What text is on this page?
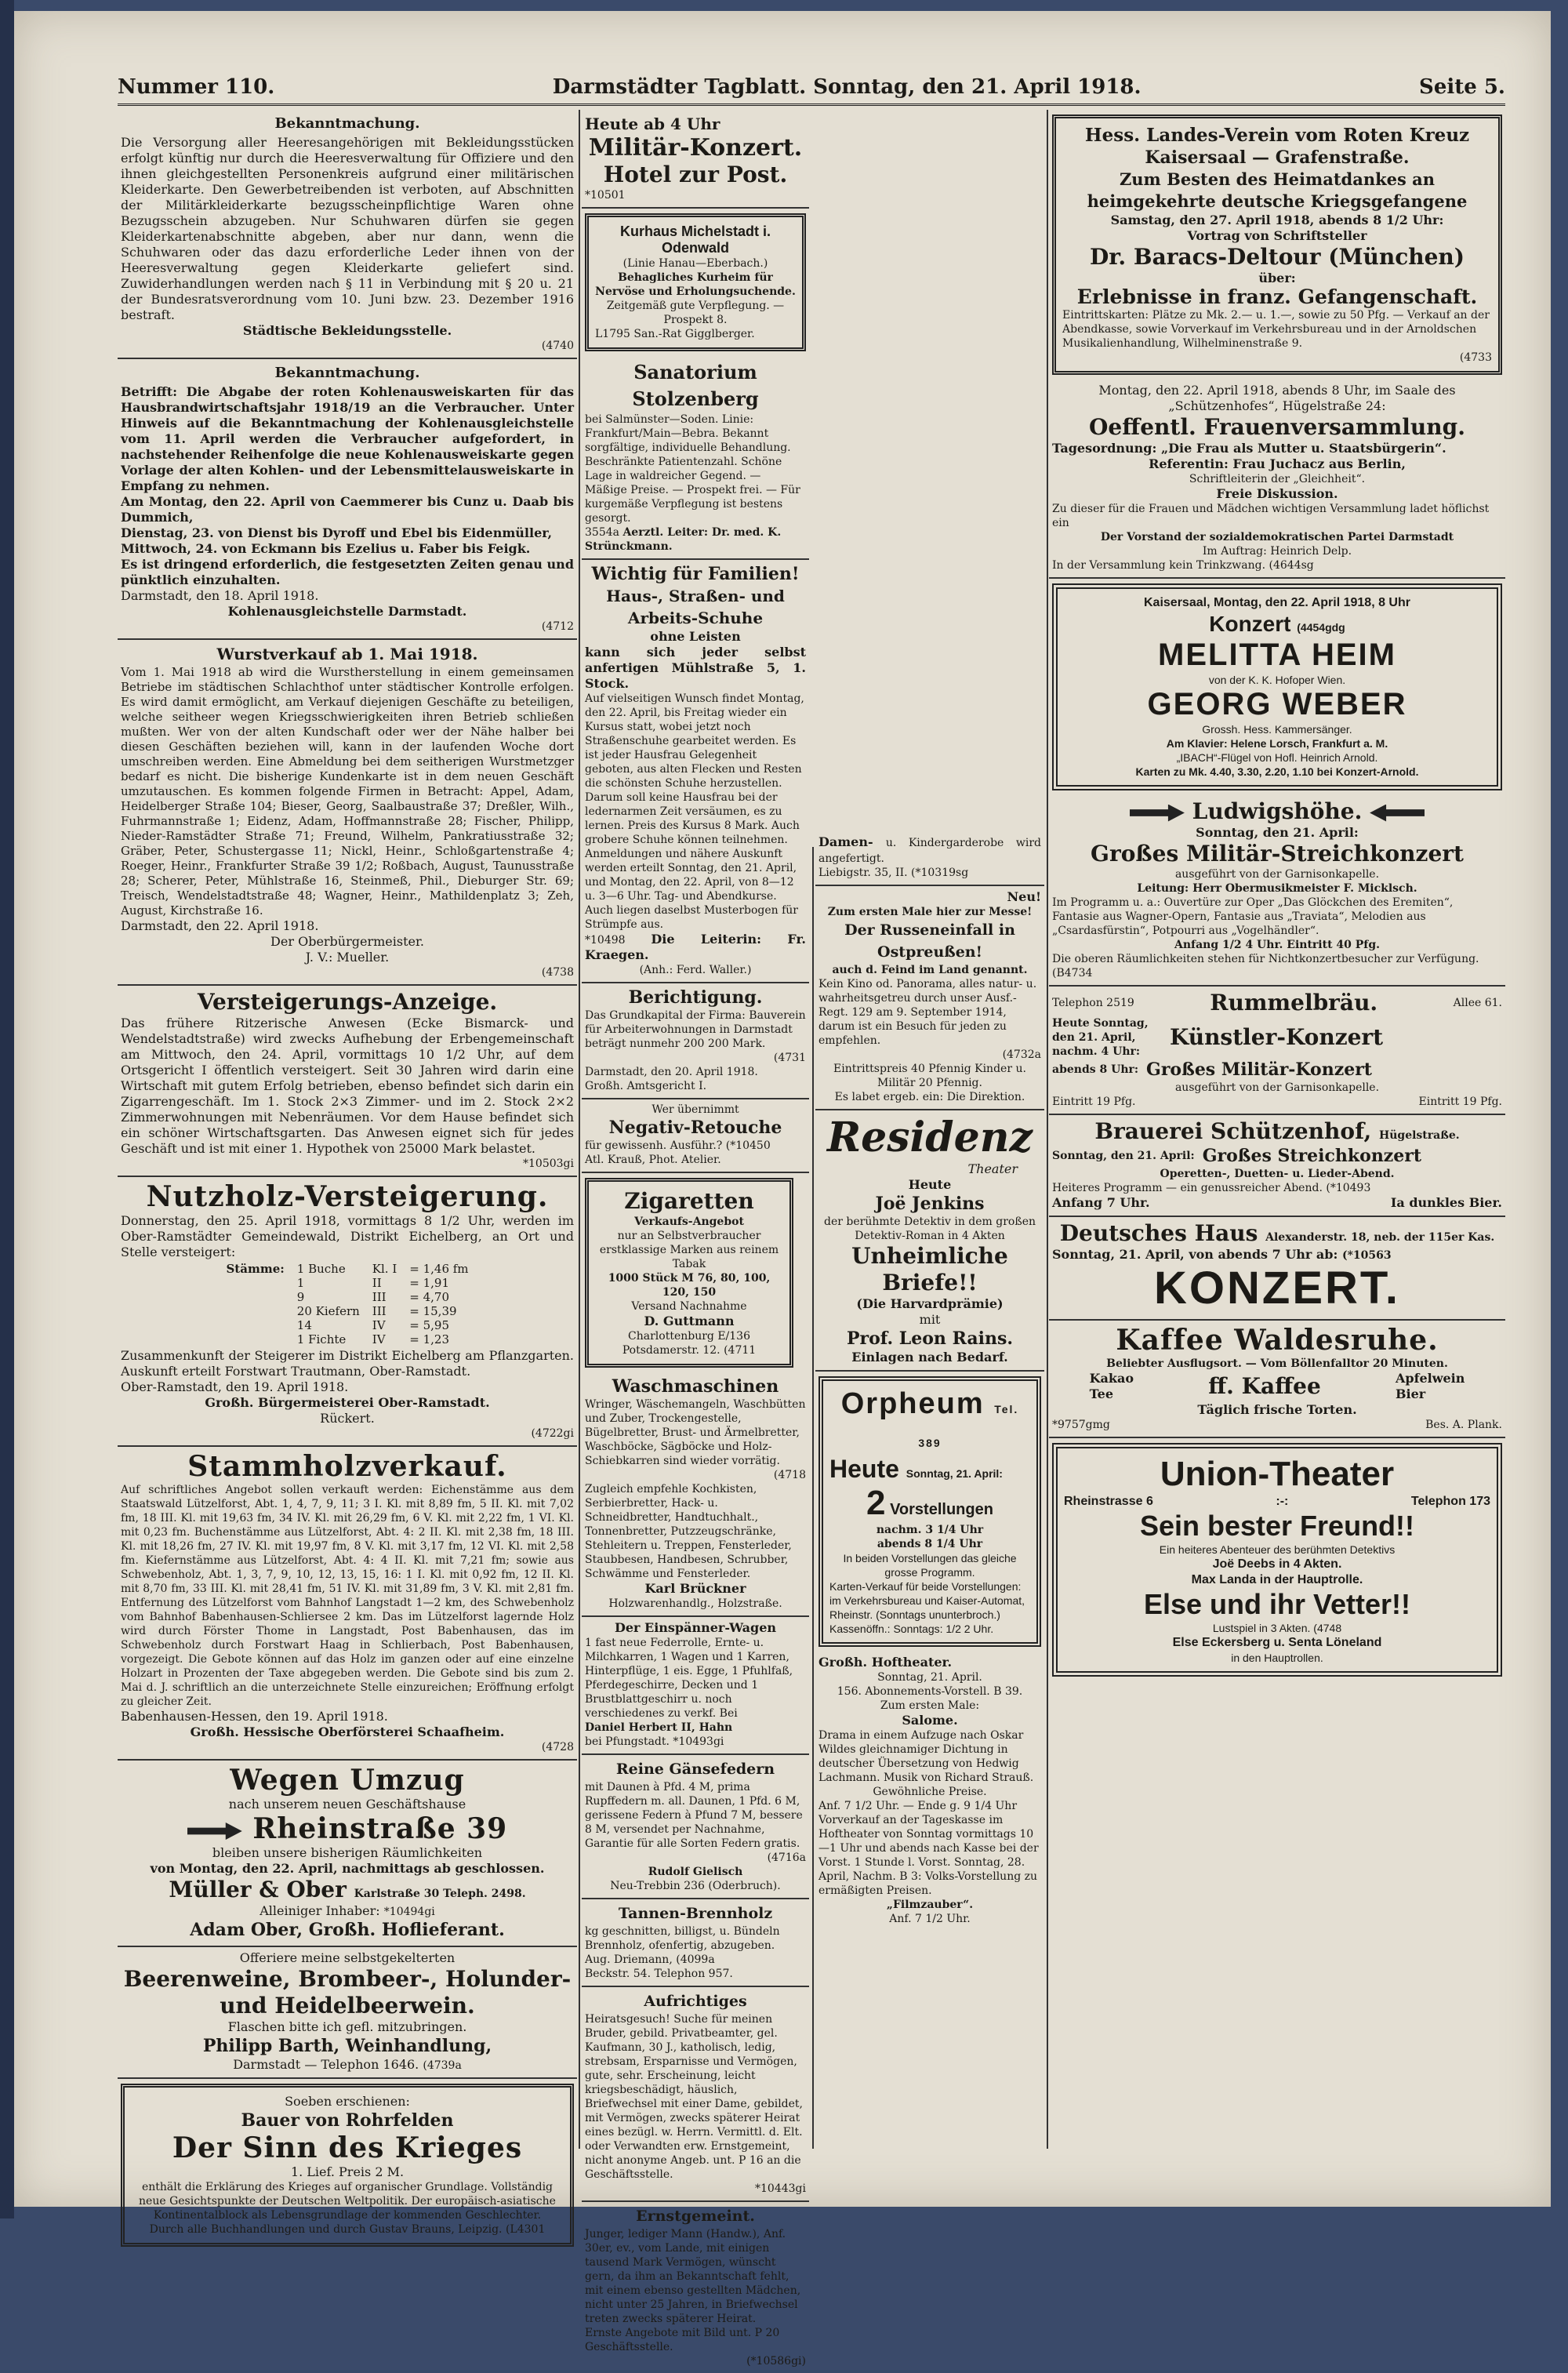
Nummer 110.	Darmstädter Tagblatt. Sonntag, den 21. April 1918.	Seite 5.

Bekanntmachung.

Die Versorgung aller Heeresangehörigen mit Bekleidungsstücken erfolgt künftig nur durch die Heeresverwaltung für Offiziere und den ihnen gleichgestellten Personenkreis aufgrund einer militärischen Kleiderkarte. Den Gewerbetreibenden ist verboten, auf Abschnitten der Militärkleiderkarte bezugsscheinpflichtige Waren ohne Bezugsschein abzugeben. Nur Schuhwaren dürfen sie gegen Kleiderkartenabschnitte abgeben, aber nur dann, wenn die Schuhwaren oder das dazu erforderliche Leder ihnen von der Heeresverwaltung gegen Kleiderkarte geliefert sind. Zuwiderhandlungen werden nach § 11 in Verbindung mit § 20 u. 21 der Bundesratsverordnung vom 10. Juni bzw. 23. Dezember 1916 bestraft.

Städtische Bekleidungsstelle.

(4740

Bekanntmachung.

Betrifft: Die Abgabe der roten Kohlenausweiskarten für das Hausbrandwirtschaftsjahr 1918/19 an die Verbraucher. Unter Hinweis auf die Bekanntmachung der Kohlenausgleichstelle vom 11. April werden die Verbraucher aufgefordert, in nachstehender Reihenfolge die neue Kohlenausweiskarte gegen Vorlage der alten Kohlen- und der Lebensmittelausweiskarte in Empfang zu nehmen.

Am Montag, den 22. April von Caemmerer bis Cunz u. Daab bis Dummich,

Dienstag, 23. von Dienst bis Dyroff und Ebel bis Eidenmüller,

Mittwoch, 24. von Eckmann bis Ezelius u. Faber bis Feigk.

Es ist dringend erforderlich, die festgesetzten Zeiten genau und pünktlich einzuhalten.

Darmstadt, den 18. April 1918.

Kohlenausgleichstelle Darmstadt.

(4712

Wurstverkauf ab 1. Mai 1918.

Vom 1. Mai 1918 ab wird die Wurstherstellung in einem gemeinsamen Betriebe im städtischen Schlachthof unter städtischer Kontrolle erfolgen. Es wird damit ermöglicht, am Verkauf diejenigen Geschäfte zu beteiligen, welche seitheer wegen Kriegsschwierigkeiten ihren Betrieb schließen mußten. Wer von der alten Kundschaft oder wer der Nähe halber bei diesen Geschäften beziehen will, kann in der laufenden Woche dort umschreiben werden. Eine Abmeldung bei dem seitherigen Wurstmetzger bedarf es nicht. Die bisherige Kundenkarte ist in dem neuen Geschäft umzutauschen. Es kommen folgende Firmen in Betracht: Appel, Adam, Heidelberger Straße 104; Bieser, Georg, Saalbaustraße 37; Dreßler, Wilh., Fuhrmannstraße 1; Eidenz, Adam, Hoffmannstraße 28; Fischer, Philipp, Nieder-Ramstädter Straße 71; Freund, Wilhelm, Pankratiusstraße 32; Gräber, Peter, Schustergasse 11; Nickl, Heinr., Schloßgartenstraße 4; Roeger, Heinr., Frankfurter Straße 39 1/2; Roßbach, August, Taunusstraße 28; Scherer, Peter, Mühlstraße 16, Steinmeß, Phil., Dieburger Str. 69; Treisch, Wendelstadtstraße 48; Wagner, Heinr., Mathildenplatz 3; Zeh, August, Kirchstraße 16.

Darmstadt, den 22. April 1918.

Der Oberbürgermeister.

J. V.: Mueller.

(4738

Versteigerungs-Anzeige.

Das frühere Ritzerische Anwesen (Ecke Bismarck- und Wendelstadtstraße) wird zwecks Aufhebung der Erbengemeinschaft am Mittwoch, den 24. April, vormittags 10 1/2 Uhr, auf dem Ortsgericht I öffentlich versteigert. Seit 30 Jahren wird darin eine Wirtschaft mit gutem Erfolg betrieben, ebenso befindet sich darin ein Zigarrengeschäft. Im 1. Stock 2×3 Zimmer- und im 2. Stock 2×2 Zimmerwohnungen mit Nebenräumen. Vor dem Hause befindet sich ein schöner Wirtschaftsgarten. Das Anwesen eignet sich für jedes Geschäft und ist mit einer 1. Hypothek von 25000 Mark belastet.

*10503gi

Nutzholz-Versteigerung.

Donnerstag, den 25. April 1918, vormittags 8 1/2 Uhr, werden im Ober-Ramstädter Gemeindewald, Distrikt Eichelberg, an Ort und Stelle versteigert:

Stämme:	1 Buche	Kl. I	= 1,46 fm
	1	II	= 1,91
	9	III	= 4,70
	20 Kiefern	III	= 15,39
	14	IV	= 5,95
	1 Fichte	IV	= 1,23

Zusammenkunft der Steigerer im Distrikt Eichelberg am Pflanzgarten. Auskunft erteilt Forstwart Trautmann, Ober-Ramstadt.

Ober-Ramstadt, den 19. April 1918.

Großh. Bürgermeisterei Ober-Ramstadt.

Rückert.

(4722gi

Stammholzverkauf.

Auf schriftliches Angebot sollen verkauft werden: Eichenstämme aus dem Staatswald Lützelforst, Abt. 1, 4, 7, 9, 11; 3 I. Kl. mit 8,89 fm, 5 II. Kl. mit 7,02 fm, 18 III. Kl. mit 19,63 fm, 34 IV. Kl. mit 26,29 fm, 6 V. Kl. mit 2,22 fm, 1 VI. Kl. mit 0,23 fm. Buchenstämme aus Lützelforst, Abt. 4: 2 II. Kl. mit 2,38 fm, 18 III. Kl. mit 18,26 fm, 27 IV. Kl. mit 19,97 fm, 8 V. Kl. mit 3,17 fm, 12 VI. Kl. mit 2,58 fm. Kiefernstämme aus Lützelforst, Abt. 4: 4 II. Kl. mit 7,21 fm; sowie aus Schwebenholz, Abt. 1, 3, 7, 9, 10, 12, 13, 15, 16: 1 I. Kl. mit 0,92 fm, 12 II. Kl. mit 8,70 fm, 33 III. Kl. mit 28,41 fm, 51 IV. Kl. mit 31,89 fm, 3 V. Kl. mit 2,81 fm. Entfernung des Lützelforst vom Bahnhof Langstadt 1—2 km, des Schwebenholz vom Bahnhof Babenhausen-Schliersee 2 km. Das im Lützelforst lagernde Holz wird durch Förster Thome in Langstadt, Post Babenhausen, das im Schwebenholz durch Forstwart Haag in Schlierbach, Post Babenhausen, vorgezeigt. Die Gebote können auf das Holz im ganzen oder auf eine einzelne Holzart in Prozenten der Taxe abgegeben werden. Die Gebote sind bis zum 2. Mai d. J. schriftlich an die unterzeichnete Stelle einzureichen; Eröffnung erfolgt zu gleicher Zeit.

Babenhausen-Hessen, den 19. April 1918.

Großh. Hessische Oberförsterei Schaafheim.

(4728

Wegen Umzug

nach unserem neuen Geschäftshause

Rheinstraße 39

bleiben unsere bisherigen Räumlichkeiten

von Montag, den 22. April, nachmittags ab geschlossen.

Müller & Ober Karlstraße 30 Teleph. 2498.

Alleiniger Inhaber: *10494gi

Adam Ober, Großh. Hoflieferant.

Offeriere meine selbstgekelterten

Beerenweine, Brombeer-, Holunder- und Heidelbeerwein.

Flaschen bitte ich gefl. mitzubringen.

Philipp Barth, Weinhandlung,

Darmstadt — Telephon 1646. (4739a

Soeben erschienen:

Bauer von Rohrfelden

Der Sinn des Krieges

1. Lief. Preis 2 M.

enthält die Erklärung des Krieges auf organischer Grundlage. Vollständig neue Gesichtspunkte der Deutschen Weltpolitik. Der europäisch-asiatische Kontinentalblock als Lebensgrundlage der kommenden Geschlechter.

Durch alle Buchhandlungen und durch Gustav Brauns, Leipzig. (L4301

Heute ab 4 Uhr

Militär-Konzert.

Hotel zur Post.

*10501

Kurhaus Michelstadt i. Odenwald

(Linie Hanau—Eberbach.)

Behagliches Kurheim für Nervöse und Erholungsuchende.

Zeitgemäß gute Verpflegung. — Prospekt 8.

L1795 San.-Rat Gigglberger.

Sanatorium Stolzenberg

bei Salmünster—Soden. Linie: Frankfurt/Main—Bebra. Bekannt sorgfältige, individuelle Behandlung. Beschränkte Patientenzahl. Schöne Lage in waldreicher Gegend. — Mäßige Preise. — Prospekt frei. — Für kurgemäße Verpflegung ist bestens gesorgt.

3554a Aerztl. Leiter: Dr. med. K. Strünckmann.

Wichtig für Familien!

Haus-, Straßen- und Arbeits-Schuhe

ohne Leisten

kann sich jeder selbst anfertigen Mühlstraße 5, 1. Stock.

Auf vielseitigen Wunsch findet Montag, den 22. April, bis Freitag wieder ein Kursus statt, wobei jetzt noch Straßenschuhe gearbeitet werden. Es ist jeder Hausfrau Gelegenheit geboten, aus alten Flecken und Resten die schönsten Schuhe herzustellen. Darum soll keine Hausfrau bei der ledernarmen Zeit versäumen, es zu lernen. Preis des Kursus 8 Mark. Auch grobere Schuhe können teilnehmen. Anmeldungen und nähere Auskunft werden erteilt Sonntag, den 21. April, und Montag, den 22. April, von 8—12 u. 3—6 Uhr. Tag- und Abendkurse. Auch liegen daselbst Musterbogen für Strümpfe aus.

*10498 Die Leiterin: Fr. Kraegen.

(Anh.: Ferd. Waller.)

Berichtigung.

Das Grundkapital der Firma: Bauverein für Arbeiterwohnungen in Darmstadt beträgt nunmehr 200 200 Mark.

(4731

Darmstadt, den 20. April 1918.

Großh. Amtsgericht I.

Wer übernimmt

Negativ-Retouche

für gewissenh. Ausführ.? (*10450

Atl. Krauß, Phot. Atelier.

Zigaretten

Verkaufs-Angebot

nur an Selbstverbraucher

erstklassige Marken aus reinem Tabak

1000 Stück M 76, 80, 100, 120, 150

Versand Nachnahme

D. Guttmann

Charlottenburg E/136

Potsdamerstr. 12. (4711

Waschmaschinen

Wringer, Wäschemangeln, Waschbütten und Zuber, Trockengestelle, Bügelbretter, Brust- und Ärmelbretter, Waschböcke, Sägböcke und Holz-Schiebkarren sind wieder vorrätig.

(4718

Zugleich empfehle Kochkisten, Serbierbretter, Hack- u. Schneidbretter, Handtuchhalt., Tonnenbretter, Putzzeugschränke, Stehleitern u. Treppen, Fensterleder, Staubbesen, Handbesen, Schrubber, Schwämme und Fensterleder.

Karl Brückner

Holzwarenhandlg., Holzstraße.

Der Einspänner-Wagen

1 fast neue Federrolle, Ernte- u. Milchkarren, 1 Wagen und 1 Karren, Hinterpflüge, 1 eis. Egge, 1 Pfuhlfaß, Pferdegeschirre, Decken und 1 Brustblattgeschirr u. noch verschiedenes zu verkf. Bei

Daniel Herbert II, Hahn

bei Pfungstadt. *10493gi

Reine Gänsefedern

mit Daunen à Pfd. 4 M, prima Rupffedern m. all. Daunen, 1 Pfd. 6 M, gerissene Federn à Pfund 7 M, bessere 8 M, versendet per Nachnahme, Garantie für alle Sorten Federn gratis.

(4716a

Rudolf Gielisch

Neu-Trebbin 236 (Oderbruch).

Tannen-Brennholz

kg geschnitten, billigst, u. Bündeln Brennholz, ofenfertig, abzugeben.

Aug. Driemann, (4099a

Beckstr. 54. Telephon 957.

Aufrichtiges

Heiratsgesuch! Suche für meinen Bruder, gebild. Privatbeamter, gel. Kaufmann, 30 J., katholisch, ledig, strebsam, Ersparnisse und Vermögen, gute, sehr. Erscheinung, leicht kriegsbeschädigt, häuslich, Briefwechsel mit einer Dame, gebildet, mit Vermögen, zwecks späterer Heirat eines bezügl. w. Herrn. Vermittl. d. Elt. oder Verwandten erw. Ernstgemeint, nicht anonyme Angeb. unt. P 16 an die Geschäftsstelle.

*10443gi

Ernstgemeint.

Junger, lediger Mann (Handw.), Anf. 30er, ev., vom Lande, mit einigen tausend Mark Vermögen, wünscht gern, da ihm an Bekanntschaft fehlt, mit einem ebenso gestellten Mädchen, nicht unter 25 Jahren, in Briefwechsel treten zwecks späterer Heirat.

Ernste Angebote mit Bild unt. P 20 Geschäftsstelle.

(*10586gi)

Damen- u. Kindergarderobe wird angefertigt.

Liebigstr. 35, II. (*10319sg

Neu!

Zum ersten Male hier zur Messe!

Der Russeneinfall in Ostpreußen!

auch d. Feind im Land genannt.

Kein Kino od. Panorama, alles natur- u. wahrheitsgetreu durch unser Ausf.-Regt. 129 am 9. September 1914, darum ist ein Besuch für jeden zu empfehlen.

(4732a

Eintrittspreis 40 Pfennig Kinder u. Militär 20 Pfennig.

Es labet ergeb. ein: Die Direktion.

Residenz

Theater

Heute

Joë Jenkins

der berühmte Detektiv in dem großen Detektiv-Roman in 4 Akten

Unheimliche Briefe!!

(Die Harvardprämie)

mit

Prof. Leon Rains.

Einlagen nach Bedarf.

Orpheum Tel. 389

Heute Sonntag, 21. April:

2 Vorstellungen

nachm. 3 1/4 Uhr

abends 8 1/4 Uhr

In beiden Vorstellungen das gleiche grosse Programm.

Karten-Verkauf für beide Vorstellungen: im Verkehrsbureau und Kaiser-Automat, Rheinstr. (Sonntags ununterbroch.)

Kassenöffn.: Sonntags: 1/2 2 Uhr.

Großh. Hoftheater.

Sonntag, 21. April.

156. Abonnements-Vorstell. B 39.

Zum ersten Male:

Salome.

Drama in einem Aufzuge nach Oskar Wildes gleichnamiger Dichtung in deutscher Übersetzung von Hedwig Lachmann. Musik von Richard Strauß.

Gewöhnliche Preise.

Anf. 7 1/2 Uhr. — Ende g. 9 1/4 Uhr

Vorverkauf an der Tageskasse im Hoftheater von Sonntag vormittags 10—1 Uhr und abends nach Kasse bei der Vorst. 1 Stunde l. Vorst. Sonntag, 28. April, Nachm. B 3: Volks-Vorstellung zu ermäßigten Preisen.

„Filmzauber“.

Anf. 7 1/2 Uhr.

Hess. Landes-Verein vom Roten Kreuz

Kaisersaal — Grafenstraße.

Zum Besten des Heimatdankes an heimgekehrte deutsche Kriegsgefangene

Samstag, den 27. April 1918, abends 8 1/2 Uhr:

Vortrag von Schriftsteller

Dr. Baracs-Deltour (München)

über:

Erlebnisse in franz. Gefangenschaft.

Eintrittskarten: Plätze zu Mk. 2.— u. 1.—, sowie zu 50 Pfg. — Verkauf an der Abendkasse, sowie Vorverkauf im Verkehrsbureau und in der Arnoldschen Musikalienhandlung, Wilhelminenstraße 9.

(4733

Montag, den 22. April 1918, abends 8 Uhr, im Saale des „Schützenhofes“, Hügelstraße 24:

Oeffentl. Frauenversammlung.

Tagesordnung: „Die Frau als Mutter u. Staatsbürgerin“.

Referentin: Frau Juchacz aus Berlin,

Schriftleiterin der „Gleichheit“.

Freie Diskussion.

Zu dieser für die Frauen und Mädchen wichtigen Versammlung ladet höflichst ein

Der Vorstand der sozialdemokratischen Partei Darmstadt

Im Auftrag: Heinrich Delp.

In der Versammlung kein Trinkzwang. (4644sg

Kaisersaal, Montag, den 22. April 1918, 8 Uhr

Konzert (4454gdg

MELITTA HEIM

von der K. K. Hofoper Wien.

GEORG WEBER

Grossh. Hess. Kammersänger.

Am Klavier: Helene Lorsch, Frankfurt a. M.

„IBACH“-Flügel von Hofl. Heinrich Arnold.

Karten zu Mk. 4.40, 3.30, 2.20, 1.10 bei Konzert-Arnold.

Ludwigshöhe.

Sonntag, den 21. April:

Großes Militär-Streichkonzert

ausgeführt von der Garnisonkapelle.

Leitung: Herr Obermusikmeister F. Micklsch.

Im Programm u. a.: Ouvertüre zur Oper „Das Glöckchen des Eremiten“, Fantasie aus Wagner-Opern, Fantasie aus „Traviata“, Melodien aus „Csardasfürstin“, Potpourri aus „Vogelhändler“.

Anfang 1/2 4 Uhr. Eintritt 40 Pfg.

Die oberen Räumlichkeiten stehen für Nichtkonzertbesucher zur Verfügung. (B4734

Telephon 2519	Rummelbräu.	Allee 61.

Heute Sonntag, den 21. April, nachm. 4 Uhr:
Künstler-Konzert

abends 8 Uhr: Großes Militär-Konzert

ausgeführt von der Garnisonkapelle.

Eintritt 19 Pfg.	Eintritt 19 Pfg.

Brauerei Schützenhof, Hügelstraße.

Sonntag, den 21. April: Großes Streichkonzert

Operetten-, Duetten- u. Lieder-Abend.

Heiteres Programm — ein genussreicher Abend. (*10493

Anfang 7 Uhr.	Ia dunkles Bier.

Deutsches Haus Alexanderstr. 18, neb. der 115er Kas.

Sonntag, 21. April, von abends 7 Uhr ab: (*10563

KONZERT.

Kaffee Waldesruhe.

Beliebter Ausflugsort. — Vom Böllenfalltor 20 Minuten.

Kakao
Tee	ff. Kaffee	Apfelwein
Bier

Täglich frische Torten.

*9757gmg	Bes. A. Plank.

Union-Theater

Rheinstrasse 6	:-:	Telephon 173

Sein bester Freund!!

Ein heiteres Abenteuer des berühmten Detektivs

Joë Deebs in 4 Akten.

Max Landa in der Hauptrolle.

Else und ihr Vetter!!

Lustspiel in 3 Akten. (4748

Else Eckersberg u. Senta Löneland

in den Hauptrollen.
